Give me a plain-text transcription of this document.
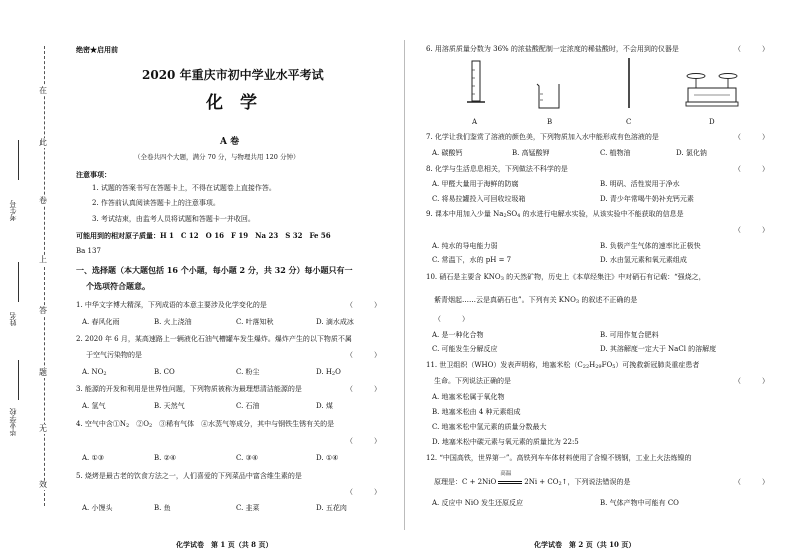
在
此
卷
上
答
题
无
效
考生号
姓名
毕业学校
绝密★启用前
2020 年重庆市初中学业水平考试
化　学
A 卷
（全卷共四个大题，满分 70 分，与物理共用 120 分钟）
注意事项：
1. 试题的答案书写在答题卡上，不得在试题卷上直接作答。
2. 作答前认真阅读答题卡上的注意事项。
3. 考试结束，由监考人员将试题和答题卡一并收回。
可能用到的相对原子质量：H 1　C 12　O 16　F 19　Na 23　S 32　Fe 56
Ba 137
一、选择题（本大题包括 16 个小题，每小题 2 分，共 32 分）每小题只有一
个选项符合题意。
1. 中华文字博大精深，下列成语的本意主要涉及化学变化的是	（　　　）
A. 春风化雨	B. 火上浇油	C. 叶落知秋	D. 滴水成冰
2. 2020 年 6 月，某高速路上一辆液化石油气槽罐车发生爆炸。爆炸产生的以下物质不属
于空气污染物的是	（　　　）
A. $NO_2$	B. CO	C. 粉尘	D. $H_2O$
3. 能源的开发和利用是世界性问题，下列物质被称为最理想清洁能源的是	（　　　）
A. 氢气	B. 天然气	C. 石油	D. 煤
4. 空气中含$①N_2$　$②O_2$　③稀有气体　④水蒸气等成分，其中与钢铁生锈有关的是
（　　　）
A. ①③	B. ②④	C. ③④	D. ①④
5. 烧烤是最古老的饮食方法之一，人们喜爱的下列菜品中富含维生素的是
（　　　）
A. 小馒头	B. 鱼	C. 韭菜	D. 五花肉
化学试卷　第 1 页（共 8 页）
6. 用溶质质量分数为 36% 的浓盐酸配制一定浓度的稀盐酸时，不会用到的仪器是	（　　　）
A	B	C	D
7. 化学让我们鉴赏了溶液的颜色美，下列物质加入水中能形成有色溶液的是	（　　　）
A. 碳酸钙	B. 高锰酸钾	C. 植物油	D. 氯化钠
8. 化学与生活息息相关，下列做法不科学的是	（　　　）
A. 甲醛大量用于海鲜的防腐	B. 明矾、活性炭用于净水
C. 将易拉罐投入可回收垃圾箱	D. 青少年常喝牛奶补充钙元素
9. 课本中用加入少量 $Na_2SO_4$ 的水进行电解水实验，从该实验中不能获取的信息是
（　　　）
A. 纯水的导电能力弱	B. 负极产生气体的速率比正极快
C. 常温下，水的 pH = 7	D. 水由氢元素和氧元素组成
10. 硝石是主要含 $KNO_3$ 的天然矿物，历史上《本草经集注》中对硝石有记载：“强烧之，
紫青烟起……云是真硝石也”。下列有关 $KNO_3$ 的叙述不正确的是
（　　　）
A. 是一种化合物	B. 可用作复合肥料
C. 可能发生分解反应	D. 其溶解度一定大于 NaCl 的溶解度
11. 世卫组织（WHO）发表声明称，地塞米松$(C_{22}H_{29}FO_5)$可挽救新冠肺炎重症患者
生命。下列说法正确的是	（　　　）
A. 地塞米松属于氧化物
B. 地塞米松由 4 种元素组成
C. 地塞米松中氢元素的质量分数最大
D. 地塞米松中碳元素与氧元素的质量比为 22:5
12. “中国高铁，世界第一”。高铁列车车体材料使用了含镍不锈钢，工业上火法炼镍的
原理是：C + 2NiO
高温
$2Ni + CO_2↑$，下列说法错误的是	（　　　）
A. 反应中 NiO 发生还原反应	B. 气体产物中可能有 CO
化学试卷　第 2 页（共 10 页）
